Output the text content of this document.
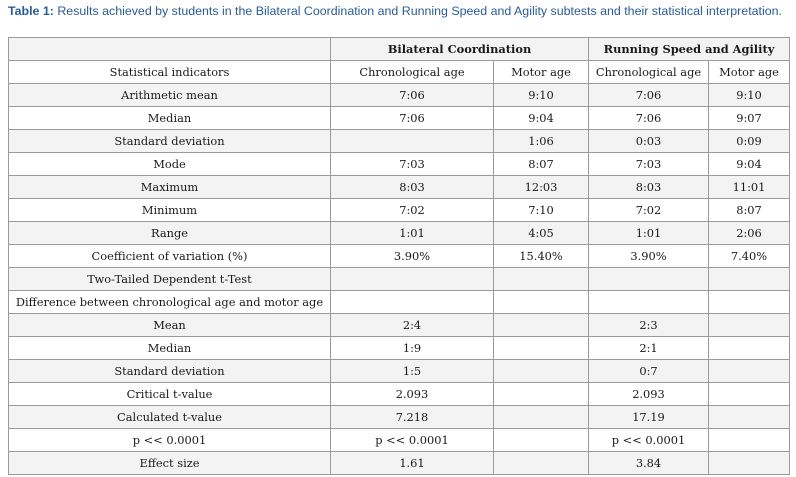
Table 1: Results achieved by students in the Bilateral Coordination and Running Speed and Agility subtests and their statistical interpretation.
	Bilateral Coordination		Running Speed and Agility	
Statistical indicators	Chronological age	Motor age	Chronological age	Motor age
Arithmetic mean	7:06	9:10	7:06	9:10
Median	7:06	9:04	7:06	9:07
Standard deviation		1:06	0:03	0:09
Mode	7:03	8:07	7:03	9:04
Maximum	8:03	12:03	8:03	11:01
Minimum	7:02	7:10	7:02	8:07
Range	1:01	4:05	1:01	2:06
Coefficient of variation (%)	3.90%	15.40%	3.90%	7.40%
Two-Tailed Dependent t-Test				
Difference between chronological age and motor age				
Mean	2:4		2:3	
Median	1:9		2:1	
Standard deviation	1:5		0:7	
Critical t-value	2.093		2.093	
Calculated t-value	7.218		17.19	
p << 0.0001	p << 0.0001		p << 0.0001	
Effect size	1.61		3.84	
